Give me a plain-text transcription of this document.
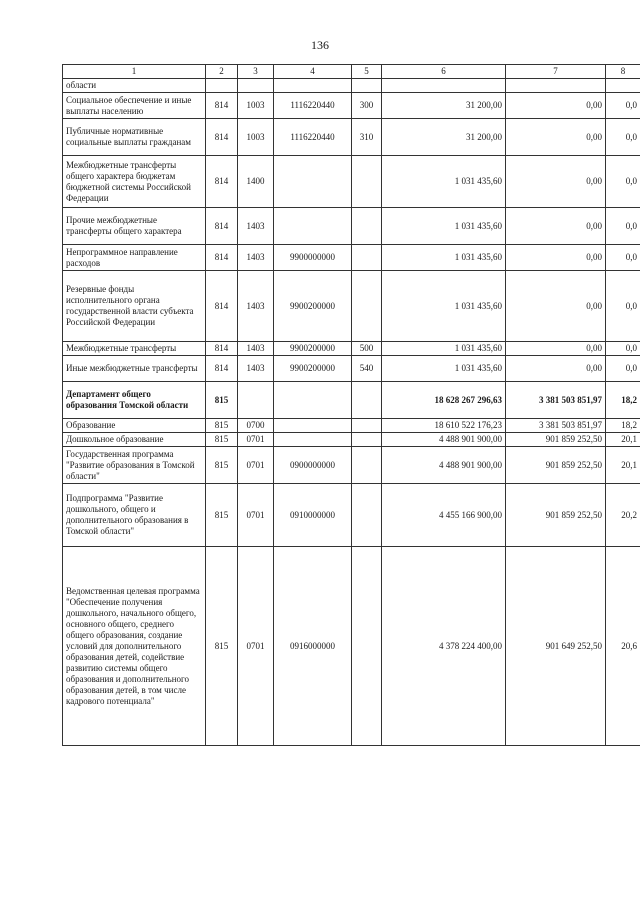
136
1	2	3	4	5	6	7	8
области							
Социальное обеспечение и иные выплаты населению	814	1003	1116220440	300	31 200,00	0,00	0,0
Публичные нормативные социальные выплаты гражданам	814	1003	1116220440	310	31 200,00	0,00	0,0
Межбюджетные трансферты общего характера бюджетам бюджетной системы Российской Федерации	814	1400			1 031 435,60	0,00	0,0
Прочие межбюджетные трансферты общего характера	814	1403			1 031 435,60	0,00	0,0
Непрограммное направление расходов	814	1403	9900000000		1 031 435,60	0,00	0,0
Резервные фонды исполнительного органа государственной власти субъекта Российской Федерации	814	1403	9900200000		1 031 435,60	0,00	0,0
Межбюджетные трансферты	814	1403	9900200000	500	1 031 435,60	0,00	0,0
Иные межбюджетные трансферты	814	1403	9900200000	540	1 031 435,60	0,00	0,0
Департамент общего образования Томской области	815				18 628 267 296,63	3 381 503 851,97	18,2
Образование	815	0700			18 610 522 176,23	3 381 503 851,97	18,2
Дошкольное образование	815	0701			4 488 901 900,00	901 859 252,50	20,1
Государственная программа "Развитие образования в Томской области"	815	0701	0900000000		4 488 901 900,00	901 859 252,50	20,1
Подпрограмма "Развитие дошкольного, общего и дополнительного образования в Томской области"	815	0701	0910000000		4 455 166 900,00	901 859 252,50	20,2
Ведомственная целевая программа "Обеспечение получения дошкольного, начального общего, основного общего, среднего общего образования, создание условий для дополнительного образования детей, содействие развитию системы общего образования и дополнительного образования детей, в том числе кадрового потенциала"	815	0701	0916000000		4 378 224 400,00	901 649 252,50	20,6
